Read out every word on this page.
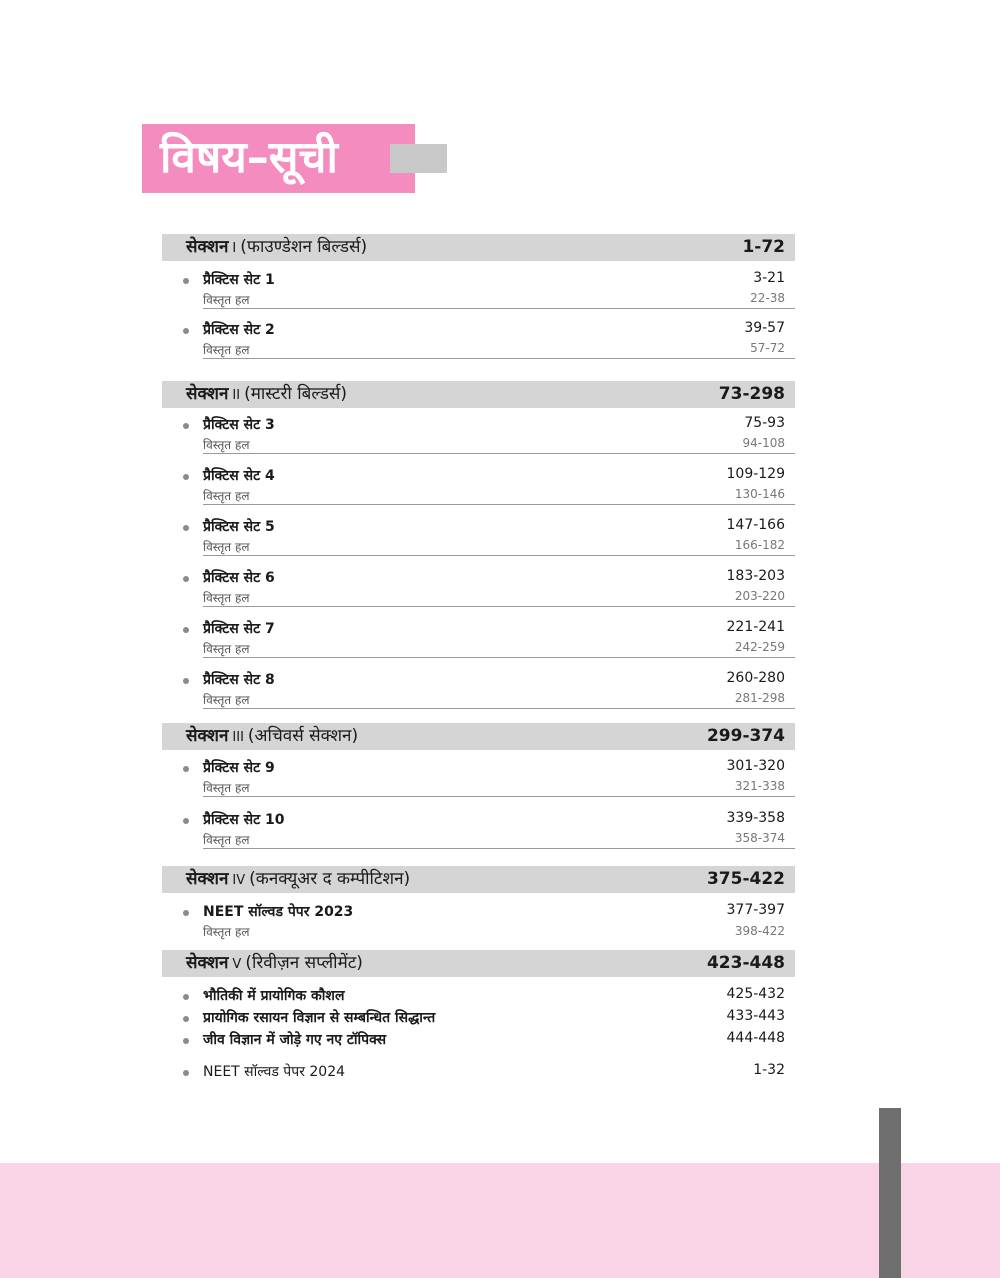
विषय–सूची
सेक्शन I (फाउण्डेशन बिल्डर्स)	1-72
प्रैक्टिस सेट 1	3-21
विस्तृत हल	22-38
प्रैक्टिस सेट 2	39-57
विस्तृत हल	57-72
सेक्शन II (मास्टरी बिल्डर्स)	73-298
प्रैक्टिस सेट 3	75-93
विस्तृत हल	94-108
प्रैक्टिस सेट 4	109-129
विस्तृत हल	130-146
प्रैक्टिस सेट 5	147-166
विस्तृत हल	166-182
प्रैक्टिस सेट 6	183-203
विस्तृत हल	203-220
प्रैक्टिस सेट 7	221-241
विस्तृत हल	242-259
प्रैक्टिस सेट 8	260-280
विस्तृत हल	281-298
सेक्शन III (अचिवर्स सेक्शन)	299-374
प्रैक्टिस सेट 9	301-320
विस्तृत हल	321-338
प्रैक्टिस सेट 10	339-358
विस्तृत हल	358-374
सेक्शन IV (कनक्यूअर द कम्पीटिशन)	375-422
NEET सॉल्वड पेपर 2023	377-397
विस्तृत हल	398-422
सेक्शन V (रिवीज़न सप्लीमेंट)	423-448
भौतिकी में प्रायोगिक कौशल	425-432
प्रायोगिक रसायन विज्ञान से सम्बन्धित सिद्धान्त	433-443
जीव विज्ञान में जोड़े गए नए टॉपिक्स	444-448
NEET सॉल्वड पेपर 2024	1-32
